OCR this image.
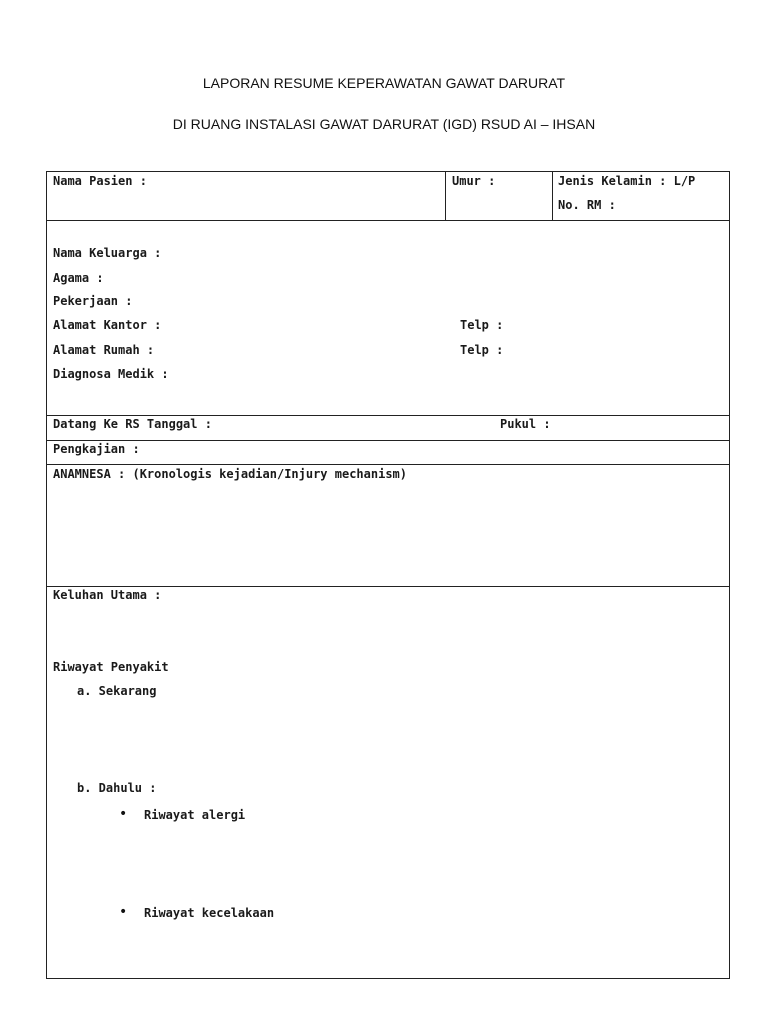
LAPORAN RESUME KEPERAWATAN GAWAT DARURAT
DI RUANG INSTALASI GAWAT DARURAT (IGD) RSUD AI – IHSAN
Nama Pasien :	Umur :	Jenis Kelamin : L/P
No. RM :
Nama Keluarga :
Agama :
Pekerjaan :
Alamat Kantor :	Telp :
Alamat Rumah :	Telp :
Diagnosa Medik :
Datang Ke RS Tanggal :	Pukul :
Pengkajian :
ANAMNESA : (Kronologis kejadian/Injury mechanism)
Keluhan Utama :
Riwayat Penyakit
a. Sekarang
b. Dahulu :
• Riwayat alergi
• Riwayat kecelakaan
